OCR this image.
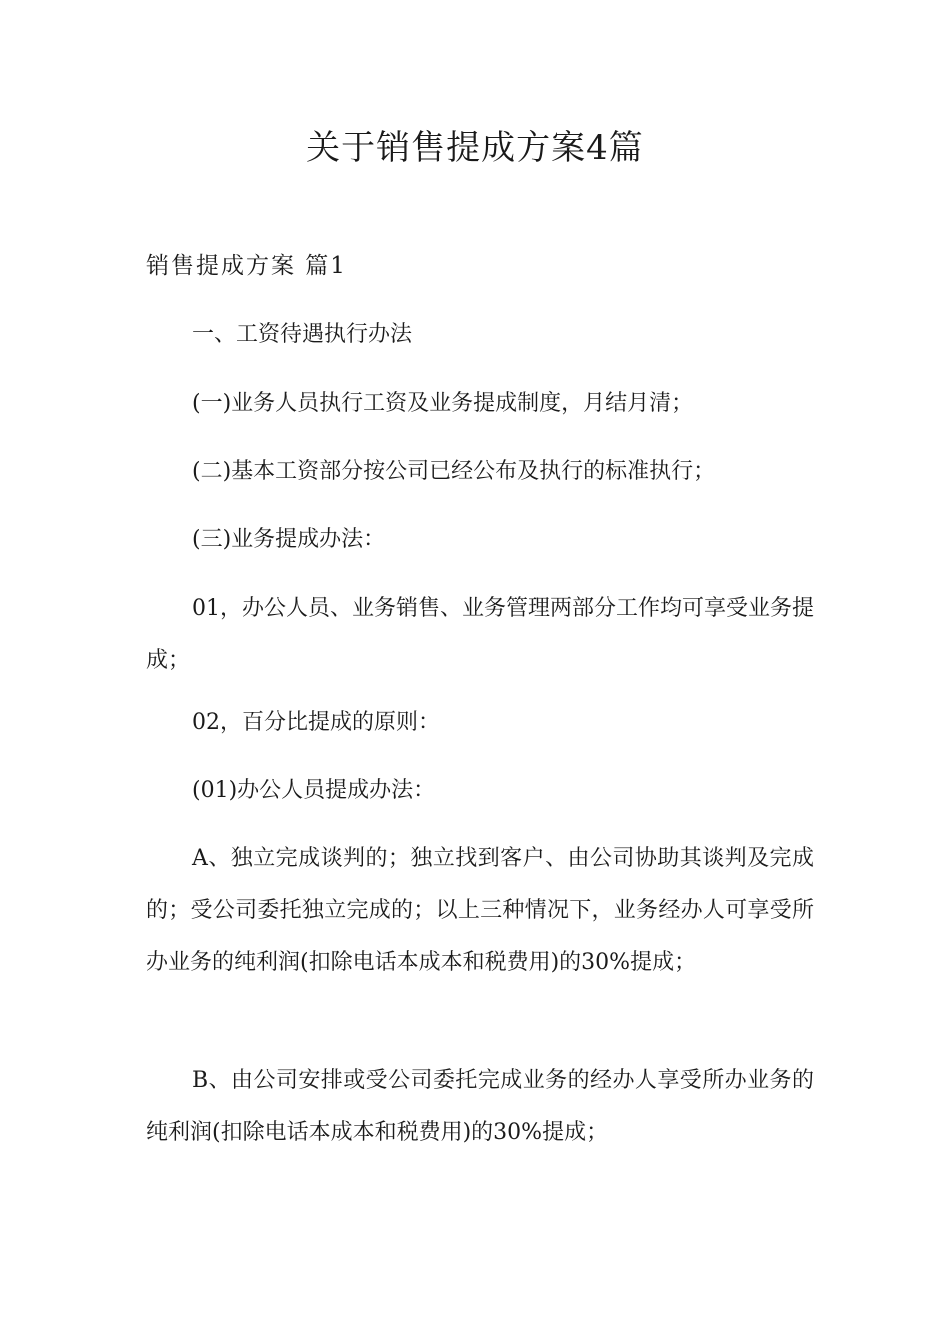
关于销售提成方案4篇
销售提成方案 篇1

一、工资待遇执行办法

(一)业务人员执行工资及业务提成制度，月结月清；

(二)基本工资部分按公司已经公布及执行的标准执行；

(三)业务提成办法：

01，办公人员、业务销售、业务管理两部分工作均可享受业务提成；

02，百分比提成的原则：

(01)办公人员提成办法：

A、独立完成谈判的；独立找到客户、由公司协助其谈判及完成的；受公司委托独立完成的；以上三种情况下，业务经办人可享受所办业务的纯利润(扣除电话本成本和税费用)的30%提成；

B、由公司安排或受公司委托完成业务的经办人享受所办业务的纯利润(扣除电话本成本和税费用)的30%提成；
